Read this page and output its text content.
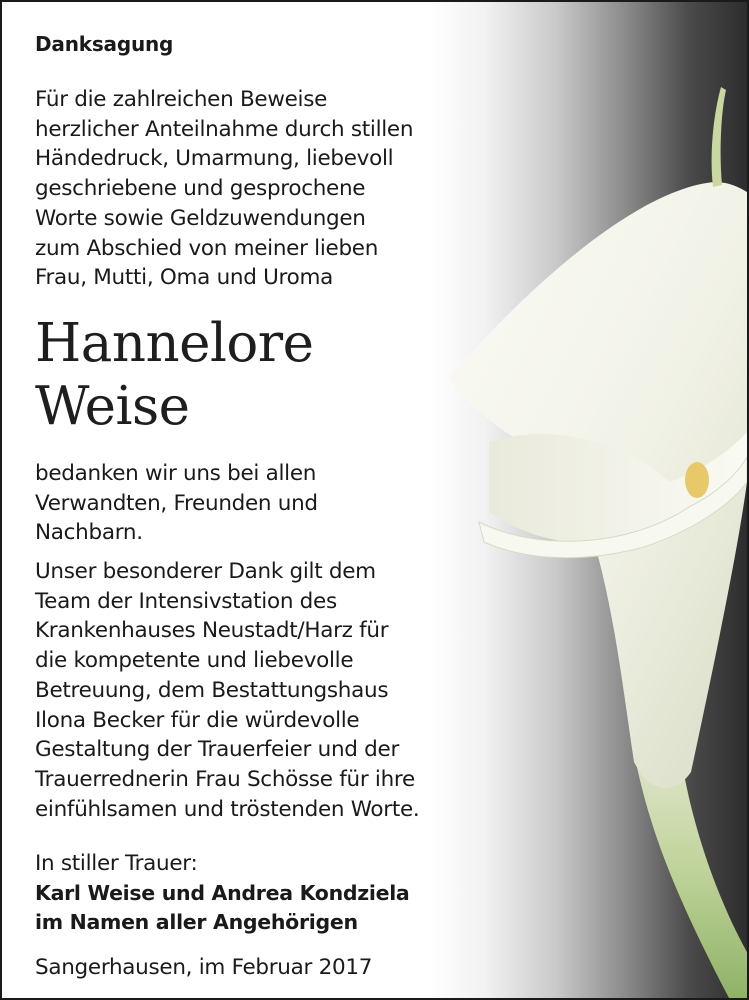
Danksagung
Für die zahlreichen Beweise
herzlicher Anteilnahme durch stillen
Händedruck, Umarmung, liebevoll
geschriebene und gesprochene
Worte sowie Geldzuwendungen
zum Abschied von meiner lieben
Frau, Mutti, Oma und Uroma
Hannelore
Weise
bedanken wir uns bei allen
Verwandten, Freunden und
Nachbarn.
Unser besonderer Dank gilt dem
Team der Intensivstation des
Krankenhauses Neustadt/Harz für
die kompetente und liebevolle
Betreuung, dem Bestattungshaus
Ilona Becker für die würdevolle
Gestaltung der Trauerfeier und der
Trauerrednerin Frau Schösse für ihre
einfühlsamen und tröstenden Worte.
In stiller Trauer:
Karl Weise und Andrea Kondziela
im Namen aller Angehörigen
Sangerhausen, im Februar 2017
